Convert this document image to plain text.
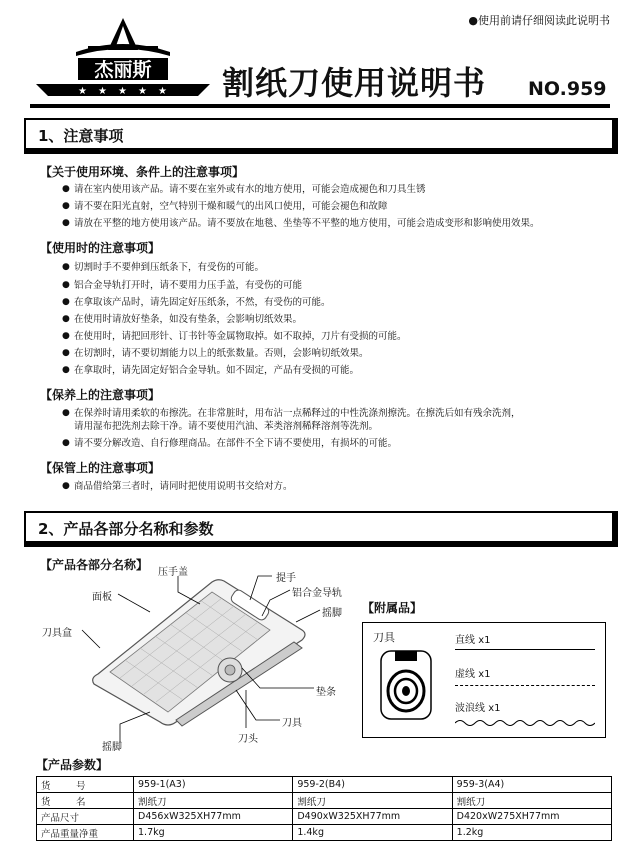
●使用前请仔细阅读此说明书
杰丽斯
★ ★ ★ ★ ★ 割纸刀使用说明书 NO.959
1、注意事项
【关于使用环境、条件上的注意事项】
● 请在室内使用该产品。请不要在室外或有水的地方使用，可能会造成褪色和刀具生锈
● 请不要在阳光直射，空气特别干燥和暖气的出风口使用，可能会褪色和故障
● 请放在平整的地方使用该产品。请不要放在地毯、坐垫等不平整的地方使用，可能会造成变形和影响使用效果。
【使用时的注意事项】
● 切割时手不要伸到压纸条下，有受伤的可能。
● 铝合金导轨打开时，请不要用力压手盖，有受伤的可能
● 在拿取该产品时，请先固定好压纸条，不然，有受伤的可能。
● 在使用时请放好垫条，如没有垫条，会影响切纸效果。
● 在使用时，请把回形针、订书针等金属物取掉。如不取掉，刀片有受损的可能。
● 在切割时，请不要切割能力以上的纸张数量。否则，会影响切纸效果。
● 在拿取时，请先固定好铝合金导轨。如不固定，产品有受损的可能。
【保养上的注意事项】
● 在保养时请用柔软的布擦洗。在非常脏时，用布沾一点稀释过的中性洗涤剂擦洗。在擦洗后如有残余洗剂，
请用湿布把洗剂去除干净。请不要使用汽油、苯类溶剂稀释溶剂等洗剂。
● 请不要分解改造、自行修理商品。在部件不全下请不要使用，有损坏的可能。
【保管上的注意事项】
● 商品借给第三者时，请同时把使用说明书交给对方。
2、产品各部分名称和参数
【产品各部分名称】
压手盖
提手
铝合金导轨
面板
摇脚
刀具盒
垫条
刀具
刀头
摇脚
【附属品】
刀具	直线 x1
虚线 x1
波浪线 x1
【产品参数】
货　号	959-1(A3)	959-2(B4)	959-3(A4)
货　名	割纸刀	割纸刀	割纸刀
产品尺寸	D456xW325XH77mm	D490xW325XH77mm	D420xW275XH77mm
产品重量净重	1.7kg	1.4kg	1.2kg
